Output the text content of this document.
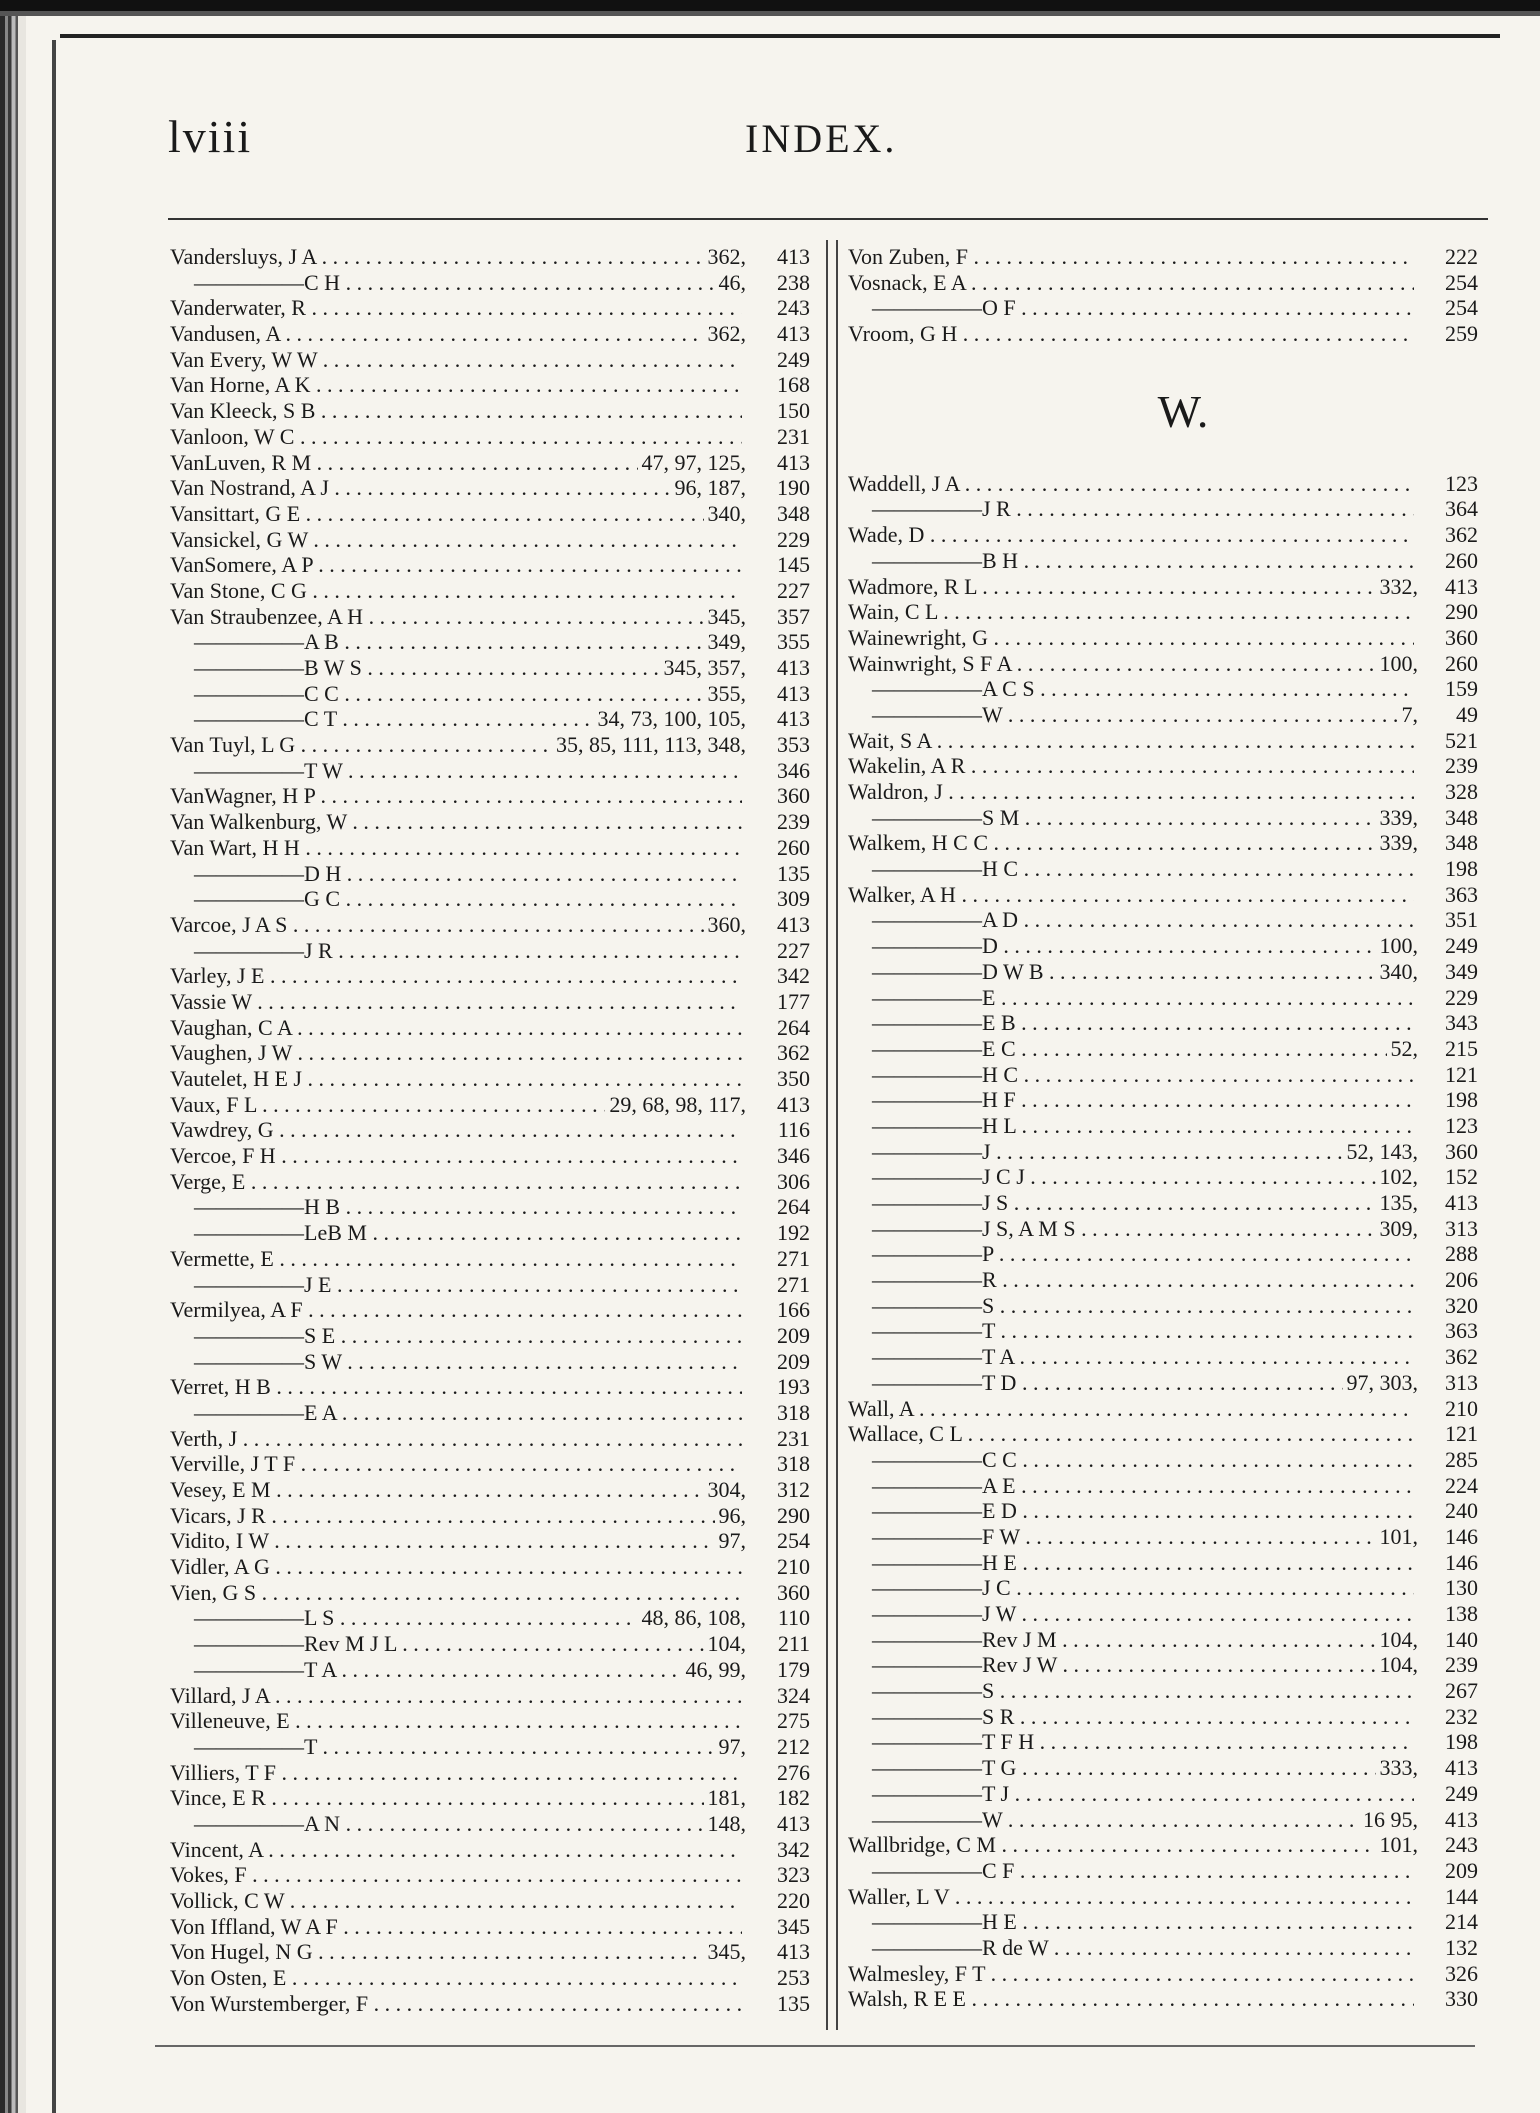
lviii	INDEX.
Vandersluys, J A . . .	362,	413
—————C H . . .	46,	238
Vanderwater, R . . .	243
Vandusen, A . . .	362,	413
Van Every, W W . . .	249
Van Horne, A K . . .	168
Van Kleeck, S B . . .	150
Vanloon, W C . . .	231
VanLuven, R M . . .	47, 97, 125,	413
Van Nostrand, A J . . .	96, 187,	190
Vansittart, G E . . .	340,	348
Vansickel, G W . . .	229
VanSomere, A P . . .	145
Van Stone, C G . . .	227
Van Straubenzee, A H . . .	345,	357
—————A B . . .	349,	355
—————B W S . . .	345, 357,	413
—————C C . . .	355,	413
—————C T . . .	34, 73, 100, 105,	413
Van Tuyl, L G . . .	35, 85, 111, 113, 348,	353
—————T W . . .	346
VanWagner, H P . . .	360
Van Walkenburg, W . . .	239
Van Wart, H H . . .	260
—————D H . . .	135
—————G C . . .	309
Varcoe, J A S . . .	360,	413
—————J R . . .	227
Varley, J E . . .	342
Vassie W . . .	177
Vaughan, C A . . .	264
Vaughen, J W . . .	362
Vautelet, H E J . . .	350
Vaux, F L . . .	29, 68, 98, 117,	413
Vawdrey, G . . .	116
Vercoe, F H . . .	346
Verge, E . . .	306
—————H B . . .	264
—————LeB M . . .	192
Vermette, E . . .	271
—————J E . . .	271
Vermilyea, A F . . .	166
—————S E . . .	209
—————S W . . .	209
Verret, H B . . .	193
—————E A . . .	318
Verth, J . . .	231
Verville, J T F . . .	318
Vesey, E M . . .	304,	312
Vicars, J R . . .	96,	290
Vidito, I W . . .	97,	254
Vidler, A G . . .	210
Vien, G S . . .	360
—————L S . . .	48, 86, 108,	110
—————Rev M J L . . .	104,	211
—————T A . . .	46, 99,	179
Villard, J A . . .	324
Villeneuve, E . . .	275
—————T . . .	97,	212
Villiers, T F . . .	276
Vince, E R . . .	181,	182
—————A N . . .	148,	413
Vincent, A . . .	342
Vokes, F . . .	323
Vollick, C W . . .	220
Von Iffland, W A F . . .	345
Von Hugel, N G . . .	345,	413
Von Osten, E . . .	253
Von Wurstemberger, F . . .	135
Von Zuben, F . . .	222
Vosnack, E A . . .	254
—————O F . . .	254
Vroom, G H . . .	259
W.
Waddell, J A . . .	123
—————J R . . .	364
Wade, D . . .	362
—————B H . . .	260
Wadmore, R L . . .	332,	413
Wain, C L . . .	290
Wainewright, G . . .	360
Wainwright, S F A . . .	100,	260
—————A C S . . .	159
—————W . . .	7,	49
Wait, S A . . .	521
Wakelin, A R . . .	239
Waldron, J . . .	328
—————S M . . .	339,	348
Walkem, H C C . . .	339,	348
—————H C . . .	198
Walker, A H . . .	363
—————A D . . .	351
—————D . . .	100,	249
—————D W B . . .	340,	349
—————E . . .	229
—————E B . . .	343
—————E C . . .	52,	215
—————H C . . .	121
—————H F . . .	198
—————H L . . .	123
—————J . . .	52, 143,	360
—————J C J . . .	102,	152
—————J S . . .	135,	413
—————J S, A M S . . .	309,	313
—————P . . .	288
—————R . . .	206
—————S . . .	320
—————T . . .	363
—————T A . . .	362
—————T D . . .	97, 303,	313
Wall, A . . .	210
Wallace, C L . . .	121
—————C C . . .	285
—————A E . . .	224
—————E D . . .	240
—————F W . . .	101,	146
—————H E . . .	146
—————J C . . .	130
—————J W . . .	138
—————Rev J M . . .	104,	140
—————Rev J W . . .	104,	239
—————S . . .	267
—————S R . . .	232
—————T F H . . .	198
—————T G . . .	333,	413
—————T J . . .	249
—————W . . .	16 95,	413
Wallbridge, C M . . .	101,	243
—————C F . . .	209
Waller, L V . . .	144
—————H E . . .	214
—————R de W . . .	132
Walmesley, F T . . .	326
Walsh, R E E . . .	330
